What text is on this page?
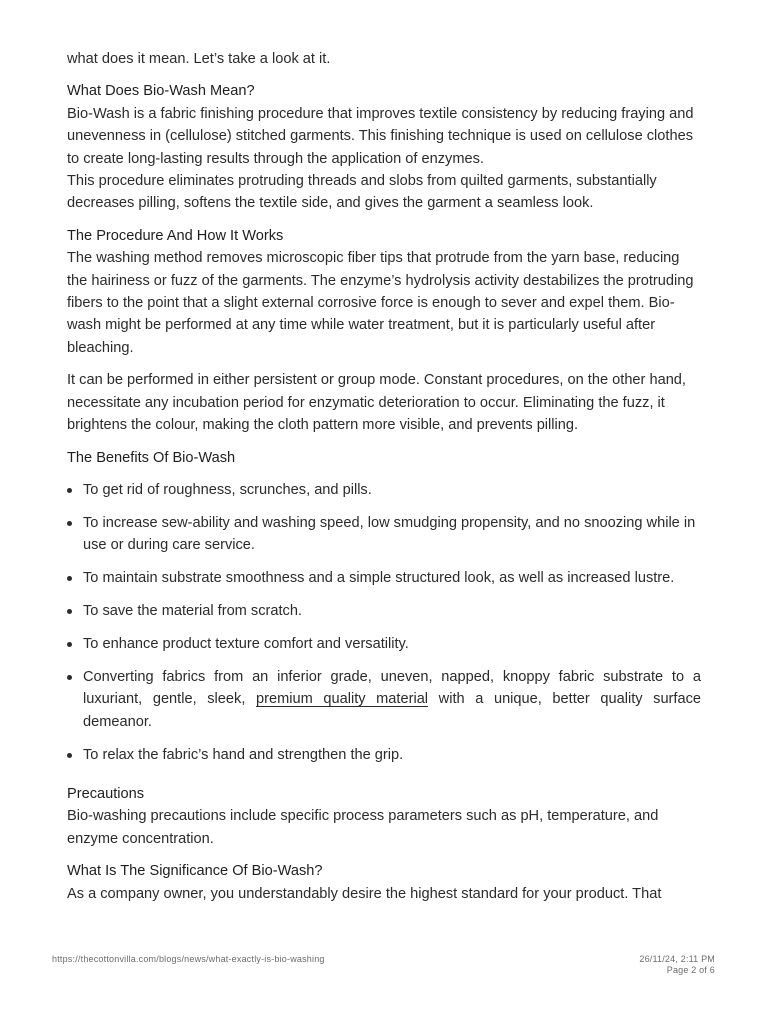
what does it mean. Let’s take a look at it.

What Does Bio-Wash Mean?

Bio-Wash is a fabric finishing procedure that improves textile consistency by reducing fraying and unevenness in (cellulose) stitched garments. This finishing technique is used on cellulose clothes to create long-lasting results through the application of enzymes.

This procedure eliminates protruding threads and slobs from quilted garments, substantially decreases pilling, softens the textile side, and gives the garment a seamless look.

The Procedure And How It Works

The washing method removes microscopic fiber tips that protrude from the yarn base, reducing the hairiness or fuzz of the garments. The enzyme’s hydrolysis activity destabilizes the protruding fibers to the point that a slight external corrosive force is enough to sever and expel them. Bio-wash might be performed at any time while water treatment, but it is particularly useful after bleaching.

It can be performed in either persistent or group mode. Constant procedures, on the other hand, necessitate any incubation period for enzymatic deterioration to occur. Eliminating the fuzz, it brightens the colour, making the cloth pattern more visible, and prevents pilling.

The Benefits Of Bio-Wash

To get rid of roughness, scrunches, and pills.
To increase sew-ability and washing speed, low smudging propensity, and no snoozing while in use or during care service.
To maintain substrate smoothness and a simple structured look, as well as increased lustre.
To save the material from scratch.
To enhance product texture comfort and versatility.
Converting fabrics from an inferior grade, uneven, napped, knoppy fabric substrate to a luxuriant, gentle, sleek, premium quality material with a unique, better quality surface demeanor.
To relax the fabric’s hand and strengthen the grip.

Precautions

Bio-washing precautions include specific process parameters such as pH, temperature, and enzyme concentration.

What Is The Significance Of Bio-Wash?

As a company owner, you understandably desire the highest standard for your product. That

https://thecottonvilla.com/blogs/news/what-exactly-is-bio-washing	26/11/24, 2:11 PM
Page 2 of 6
